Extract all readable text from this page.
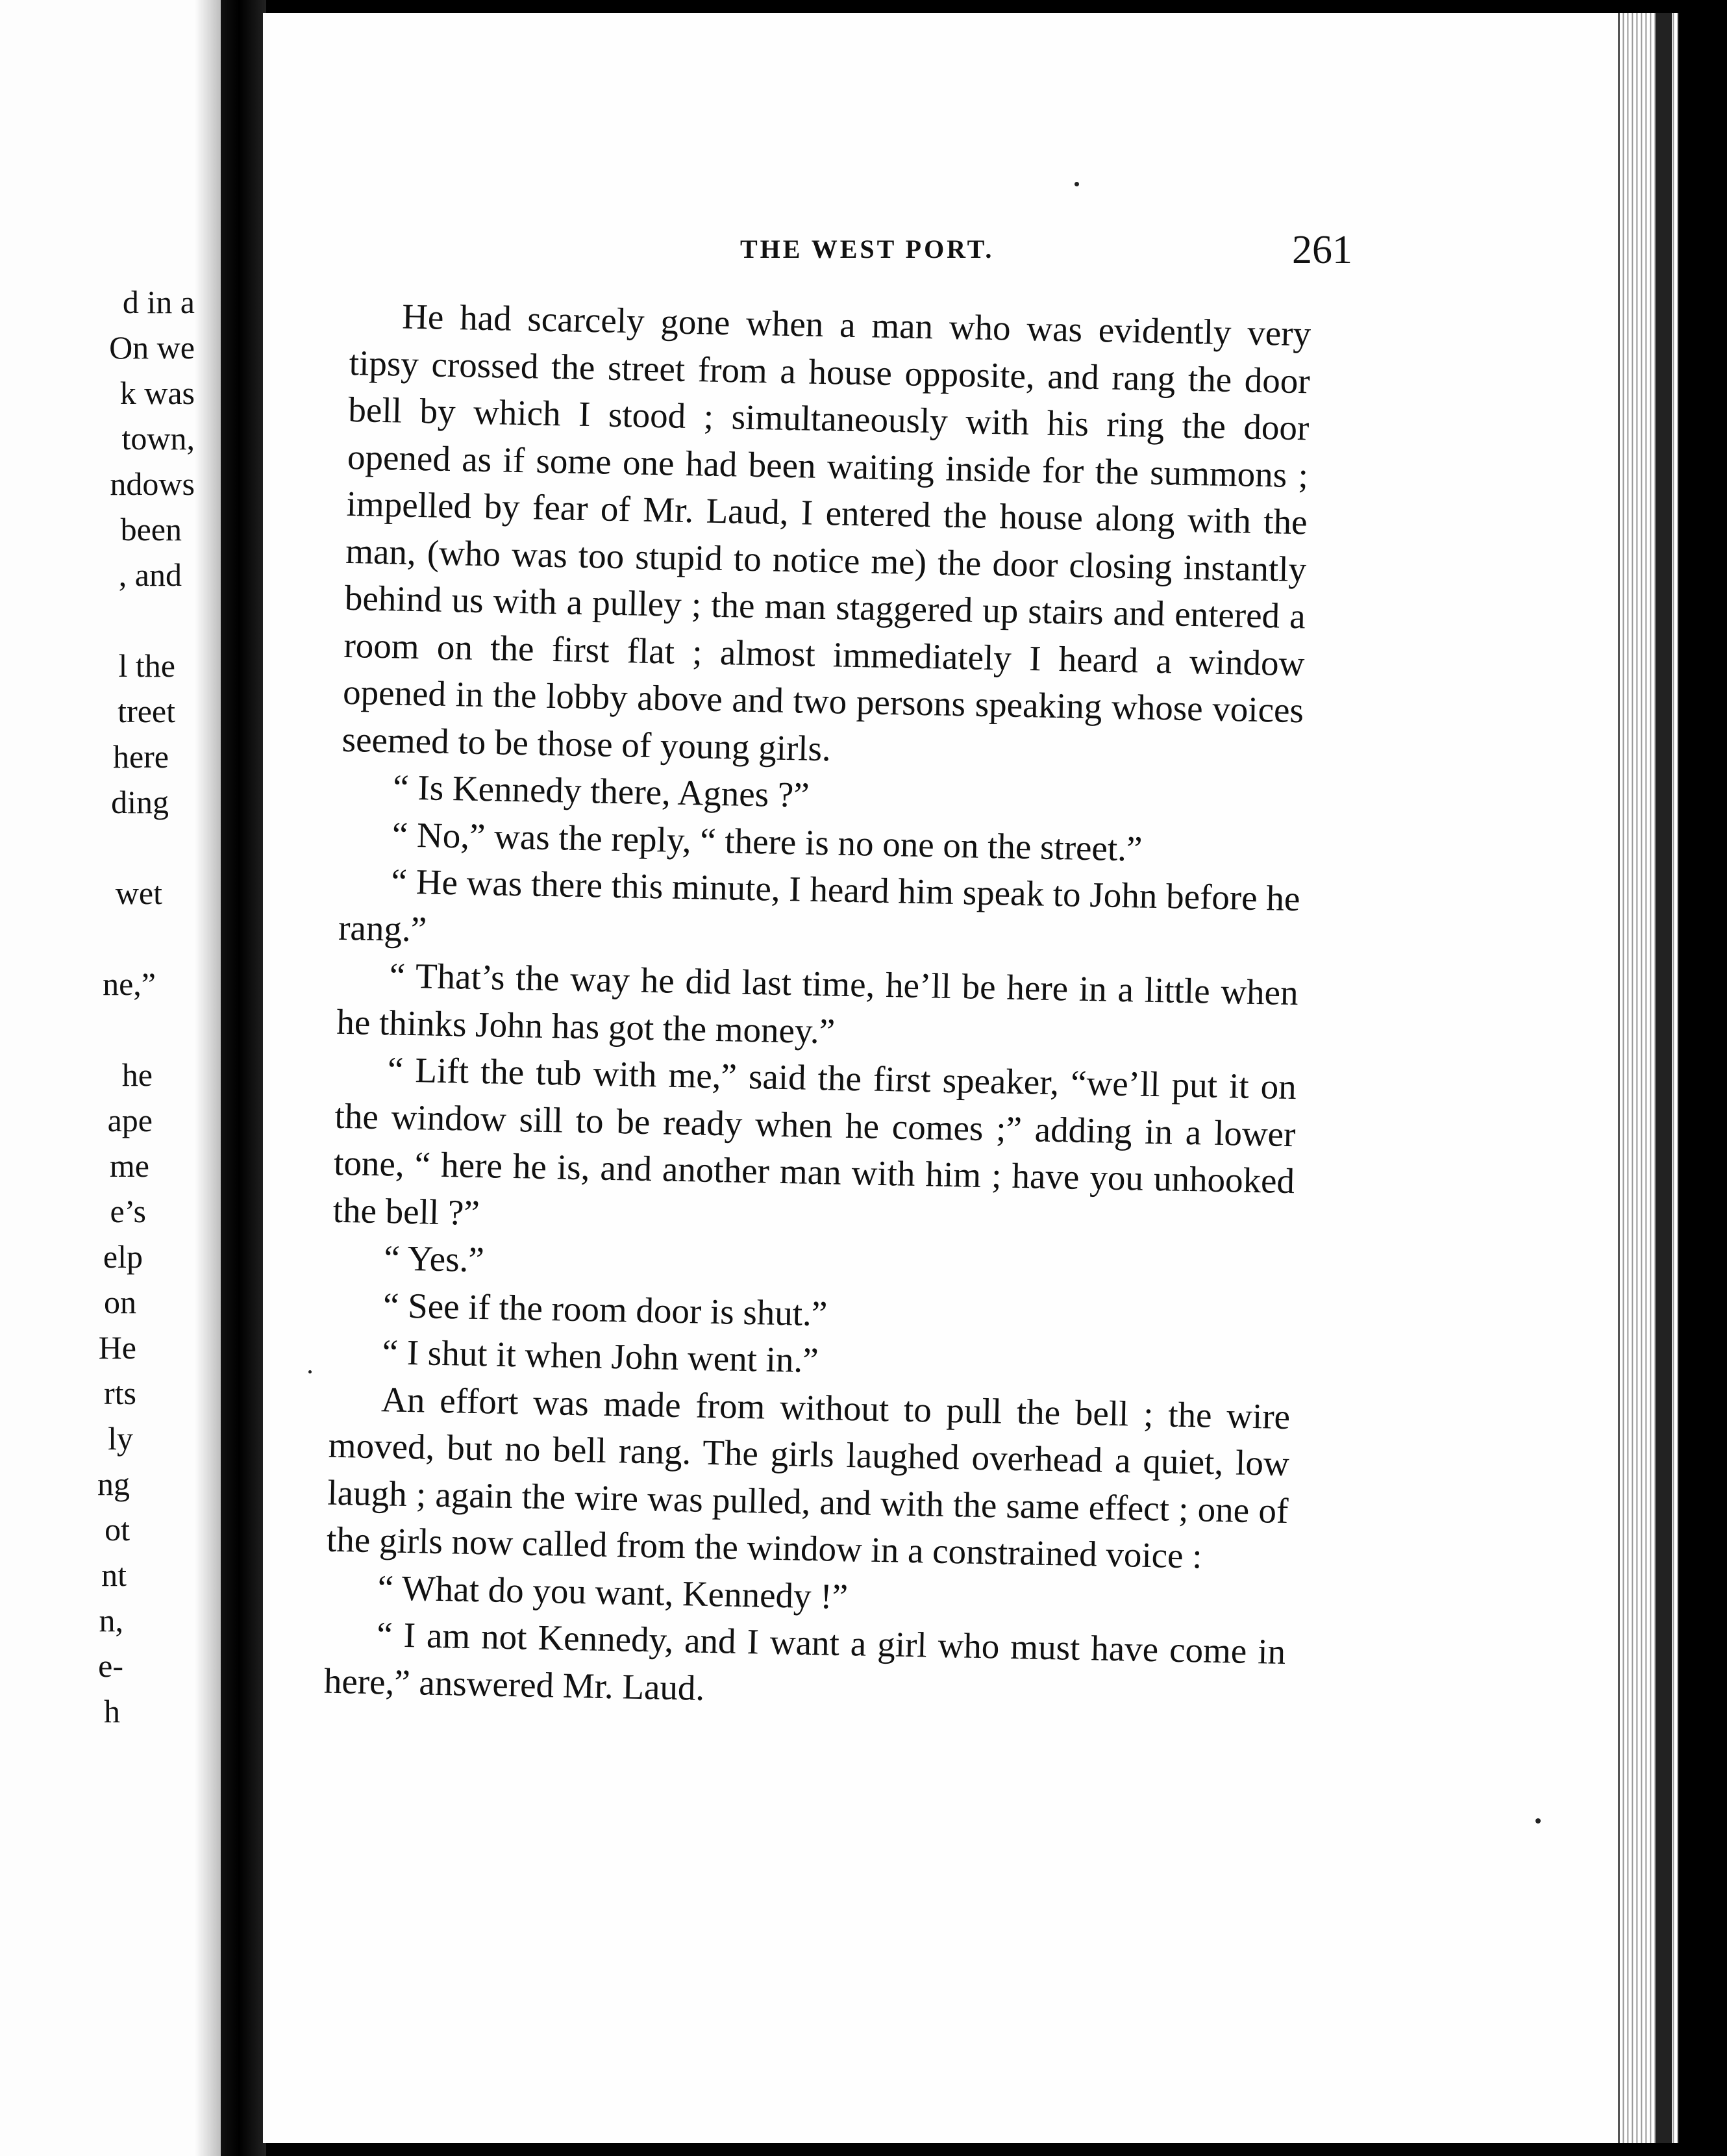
d in a
On we
k was
town,
ndows
been
, and
l the
treet
here
ding
wet
ne,”
he
ape
me
e’s
elp
on
He
rts
ly
ng
ot
nt
n,
e-
h
THE WEST PORT.	261

He had scarcely gone when a man who was evidently very tipsy crossed the street from a house opposite, and rang the door bell by which I stood ; simultaneously with his ring the door opened as if some one had been waiting inside for the summons ; impelled by fear of Mr. Laud, I entered the house along with the man, (who was too stupid to notice me) the door closing instantly behind us with a pulley ; the man staggered up stairs and entered a room on the first flat ; almost immediately I heard a window opened in the lobby above and two persons speaking whose voices seemed to be those of young girls.

“ Is Kennedy there, Agnes ?”

“ No,” was the reply, “ there is no one on the street.”

“ He was there this minute, I heard him speak to John before he rang.”

“ That’s the way he did last time, he’ll be here in a little when he thinks John has got the money.”

“ Lift the tub with me,” said the first speaker, “we’ll put it on the window sill to be ready when he comes ;” adding in a lower tone, “ here he is, and another man with him ; have you unhooked the bell ?”

“ Yes.”

“ See if the room door is shut.”

“ I shut it when John went in.”

An effort was made from without to pull the bell ; the wire moved, but no bell rang. The girls laughed overhead a quiet, low laugh ; again the wire was pulled, and with the same effect ; one of the girls now called from the window in a constrained voice :

“ What do you want, Kennedy !”

“ I am not Kennedy, and I want a girl who must have come in here,” answered Mr. Laud.
